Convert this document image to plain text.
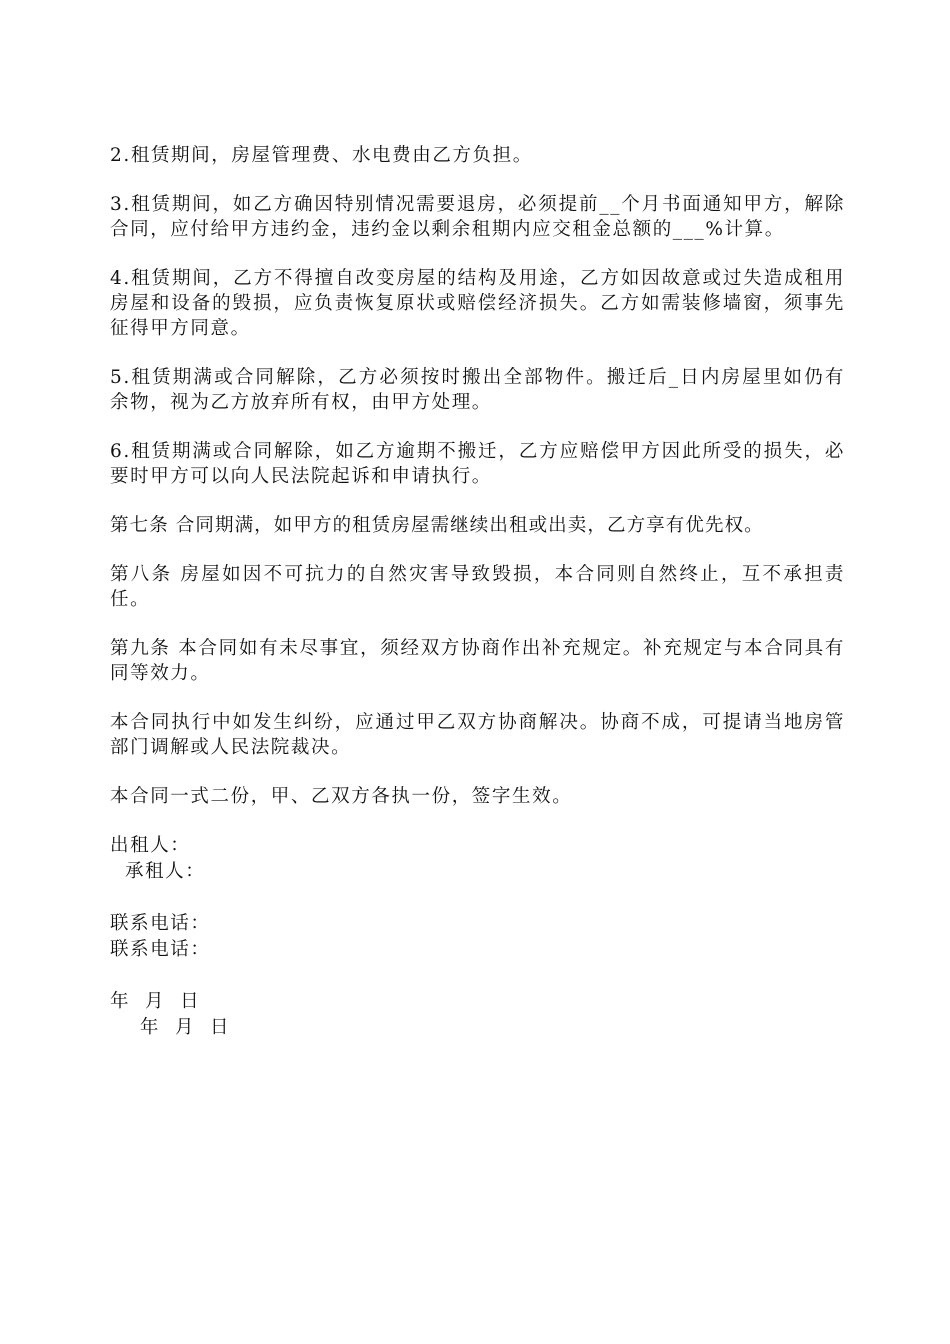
2.租赁期间，房屋管理费、水电费由乙方负担。

3.租赁期间，如乙方确因特别情况需要退房，必须提前__个月书面通知甲方，解除合同，应付给甲方违约金，违约金以剩余租期内应交租金总额的___%计算。

4.租赁期间，乙方不得擅自改变房屋的结构及用途，乙方如因故意或过失造成租用房屋和设备的毁损，应负责恢复原状或赔偿经济损失。乙方如需装修墙窗，须事先征得甲方同意。

5.租赁期满或合同解除，乙方必须按时搬出全部物件。搬迁后_日内房屋里如仍有余物，视为乙方放弃所有权，由甲方处理。

6.租赁期满或合同解除，如乙方逾期不搬迁，乙方应赔偿甲方因此所受的损失，必要时甲方可以向人民法院起诉和申请执行。

第七条 合同期满，如甲方的租赁房屋需继续出租或出卖，乙方享有优先权。

第八条 房屋如因不可抗力的自然灾害导致毁损，本合同则自然终止，互不承担责任。

第九条 本合同如有未尽事宜，须经双方协商作出补充规定。补充规定与本合同具有同等效力。

本合同执行中如发生纠纷，应通过甲乙双方协商解决。协商不成，可提请当地房管部门调解或人民法院裁决。

本合同一式二份，甲、乙双方各执一份，签字生效。

出租人：

承租人：

联系电话：

联系电话：

年  月  日

年  月  日
